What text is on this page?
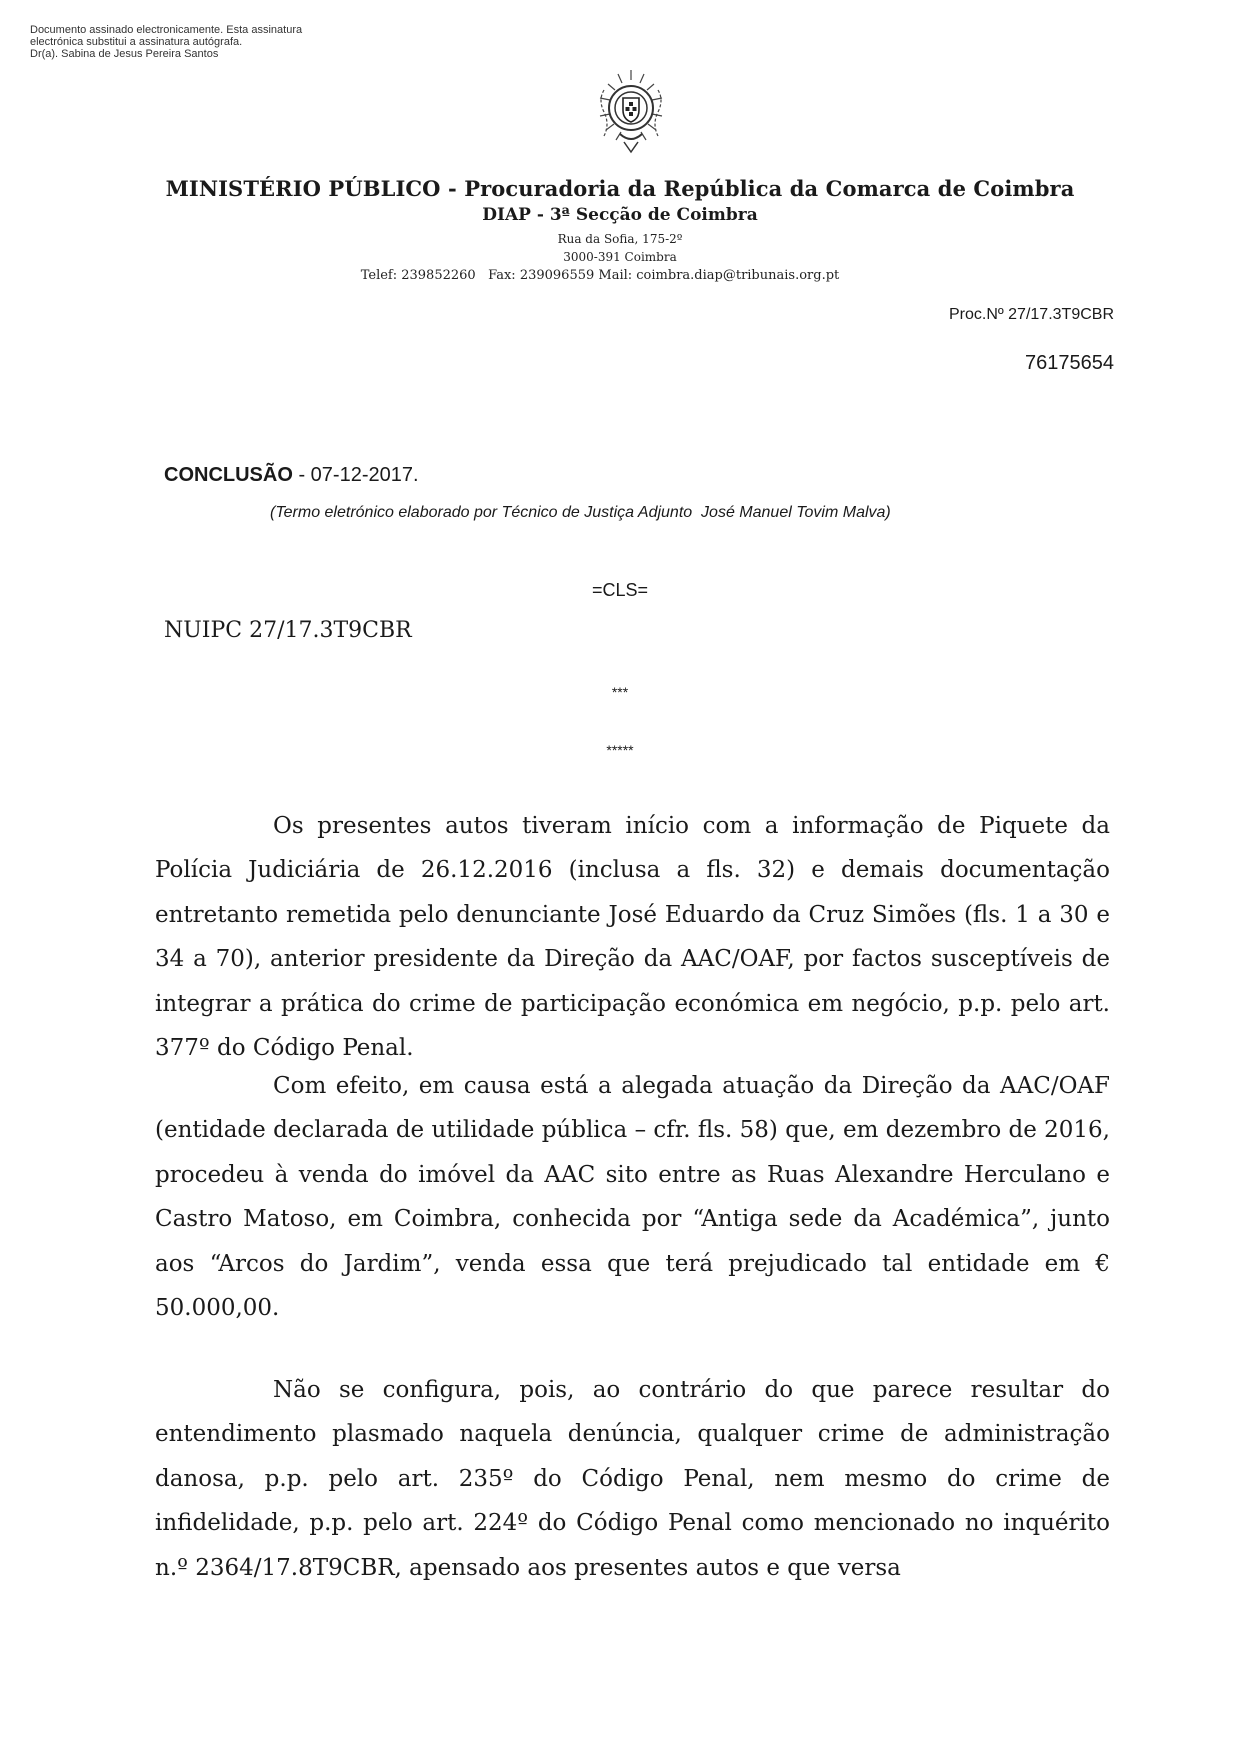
Documento assinado electronicamente. Esta assinatura
electrónica substitui a assinatura autógrafa.
Dr(a). Sabina de Jesus Pereira Santos
MINISTÉRIO PÚBLICO - Procuradoria da República da Comarca de Coimbra
DIAP - 3ª Secção de Coimbra
Rua da Sofia, 175-2º
3000-391 Coimbra
Telef: 239852260   Fax: 239096559 Mail: coimbra.diap@tribunais.org.pt
Proc.Nº 27/17.3T9CBR
76175654
CONCLUSÃO - 07-12-2017.
(Termo eletrónico elaborado por Técnico de Justiça Adjunto  José Manuel Tovim Malva)
=CLS=
NUIPC 27/17.3T9CBR
***
*****
Os presentes autos tiveram início com a informação de Piquete da Polícia Judiciária de 26.12.2016 (inclusa a fls. 32) e demais documentação entretanto remetida pelo denunciante José Eduardo da Cruz Simões (fls. 1 a 30 e 34 a 70), anterior presidente da Direção da AAC/OAF, por factos susceptíveis de integrar a prática do crime de participação económica em negócio, p.p. pelo art. 377º do Código Penal.
Com efeito, em causa está a alegada atuação da Direção da AAC/OAF (entidade declarada de utilidade pública – cfr. fls. 58) que, em dezembro de 2016, procedeu à venda do imóvel da AAC sito entre as Ruas Alexandre Herculano e Castro Matoso, em Coimbra, conhecida por “Antiga sede da Académica”, junto aos “Arcos do Jardim”, venda essa que terá prejudicado tal entidade em € 50.000,00.
Não se configura, pois, ao contrário do que parece resultar do entendimento plasmado naquela denúncia, qualquer crime de administração danosa, p.p. pelo art. 235º do Código Penal, nem mesmo do crime de infidelidade, p.p. pelo art. 224º do Código Penal como mencionado no inquérito n.º 2364/17.8T9CBR, apensado aos presentes autos e que versa
